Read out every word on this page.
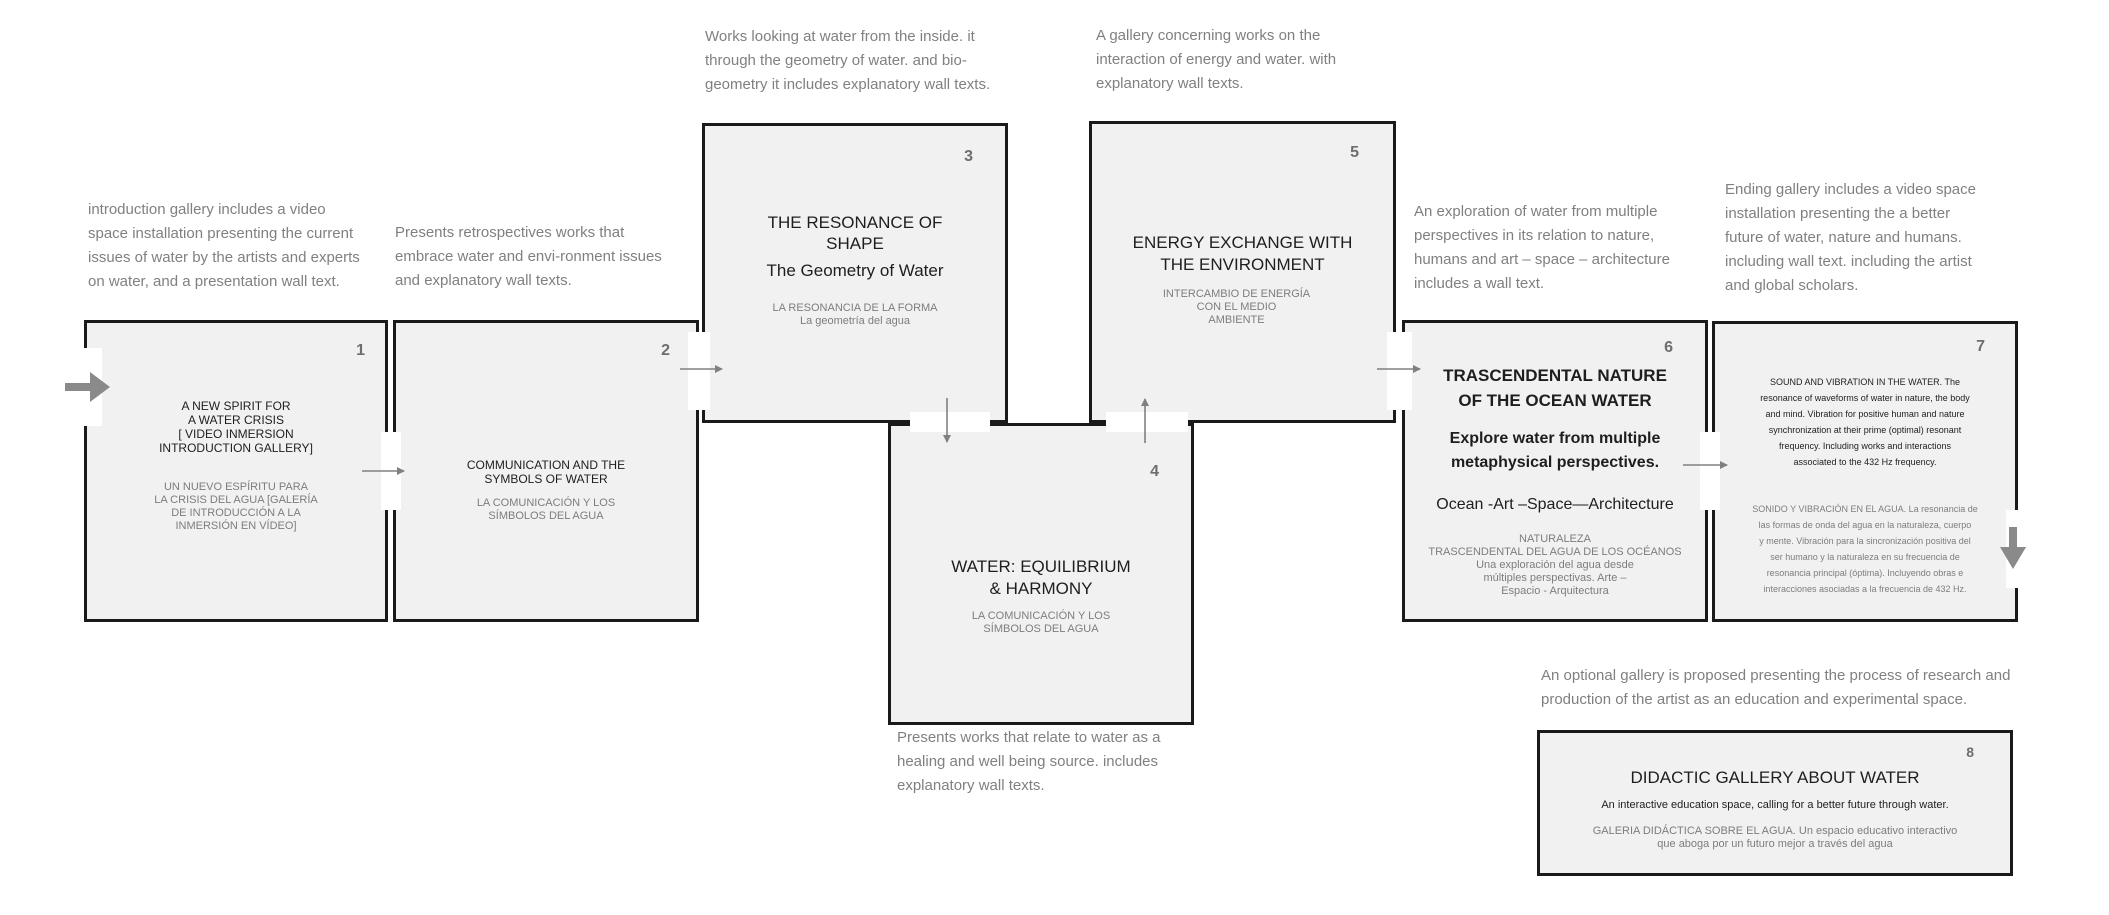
1
A NEW SPIRIT FOR
A WATER CRISIS
[ VIDEO INMERSION
INTRODUCTION GALLERY]
UN NUEVO ESPÍRITU PARA
LA CRISIS DEL AGUA [GALERÍA
DE INTRODUCCIÓN A LA
INMERSIÓN EN VÍDEO]
2
COMMUNICATION AND THE
SYMBOLS OF WATER
LA COMUNICACIÓN Y LOS
SÍMBOLOS DEL AGUA
3
THE RESONANCE OF
SHAPE
The Geometry of Water
LA RESONANCIA DE LA FORMA
La geometría del agua
4
WATER: EQUILIBRIUM
& HARMONY
LA COMUNICACIÓN Y LOS
SÍMBOLOS DEL AGUA
5
ENERGY EXCHANGE WITH
THE ENVIRONMENT
INTERCAMBIO DE ENERGÍA
CON EL MEDIO
AMBIENTE
6
TRASCENDENTAL NATURE
OF THE OCEAN WATER
Explore water from multiple
metaphysical perspectives.
Ocean -Art –Space—Architecture
NATURALEZA
TRASCENDENTAL DEL AGUA DE LOS OCÉANOS
Una exploración del agua desde
múltiples perspectivas. Arte –
Espacio - Arquitectura
7
SOUND AND VIBRATION IN THE WATER. The
resonance of waveforms of water in nature, the body
and mind. Vibration for positive human and nature
synchronization at their prime (optimal) resonant
frequency. Including works and interactions
associated to the 432 Hz frequency.
SONIDO Y VIBRACIÓN EN EL AGUA. La resonancia de
las formas de onda del agua en la naturaleza, cuerpo
y mente. Vibración para la sincronización positiva del
ser humano y la naturaleza en su frecuencia de
resonancia principal (óptima). Incluyendo obras e
interacciones asociadas a la frecuencia de 432 Hz.
8
DIDACTIC GALLERY ABOUT WATER
An interactive education space, calling for a better future through water.
GALERIA DIDÁCTICA SOBRE EL AGUA. Un espacio educativo interactivo
que aboga por un futuro mejor a través del agua
introduction gallery includes a video
space installation presenting the current
issues of water by the artists and experts
on water, and a presentation wall text.
Presents retrospectives works that
embrace water and envi-ronment issues
and explanatory wall texts.
Works looking at water from the inside. it
through the geometry of water. and bio-
geometry it includes explanatory wall texts.
Presents works that relate to water as a
healing and well being source. includes
explanatory wall texts.
A gallery concerning works on the
interaction of energy and water. with
explanatory wall texts.
An exploration of water from multiple
perspectives in its relation to nature,
humans and art – space – architecture
includes a wall text.
Ending gallery includes a video space
installation presenting the a better
future of water, nature and humans.
including wall text. including the artist
and global scholars.
An optional gallery is proposed presenting the process of research and
production of the artist as an education and experimental space.
